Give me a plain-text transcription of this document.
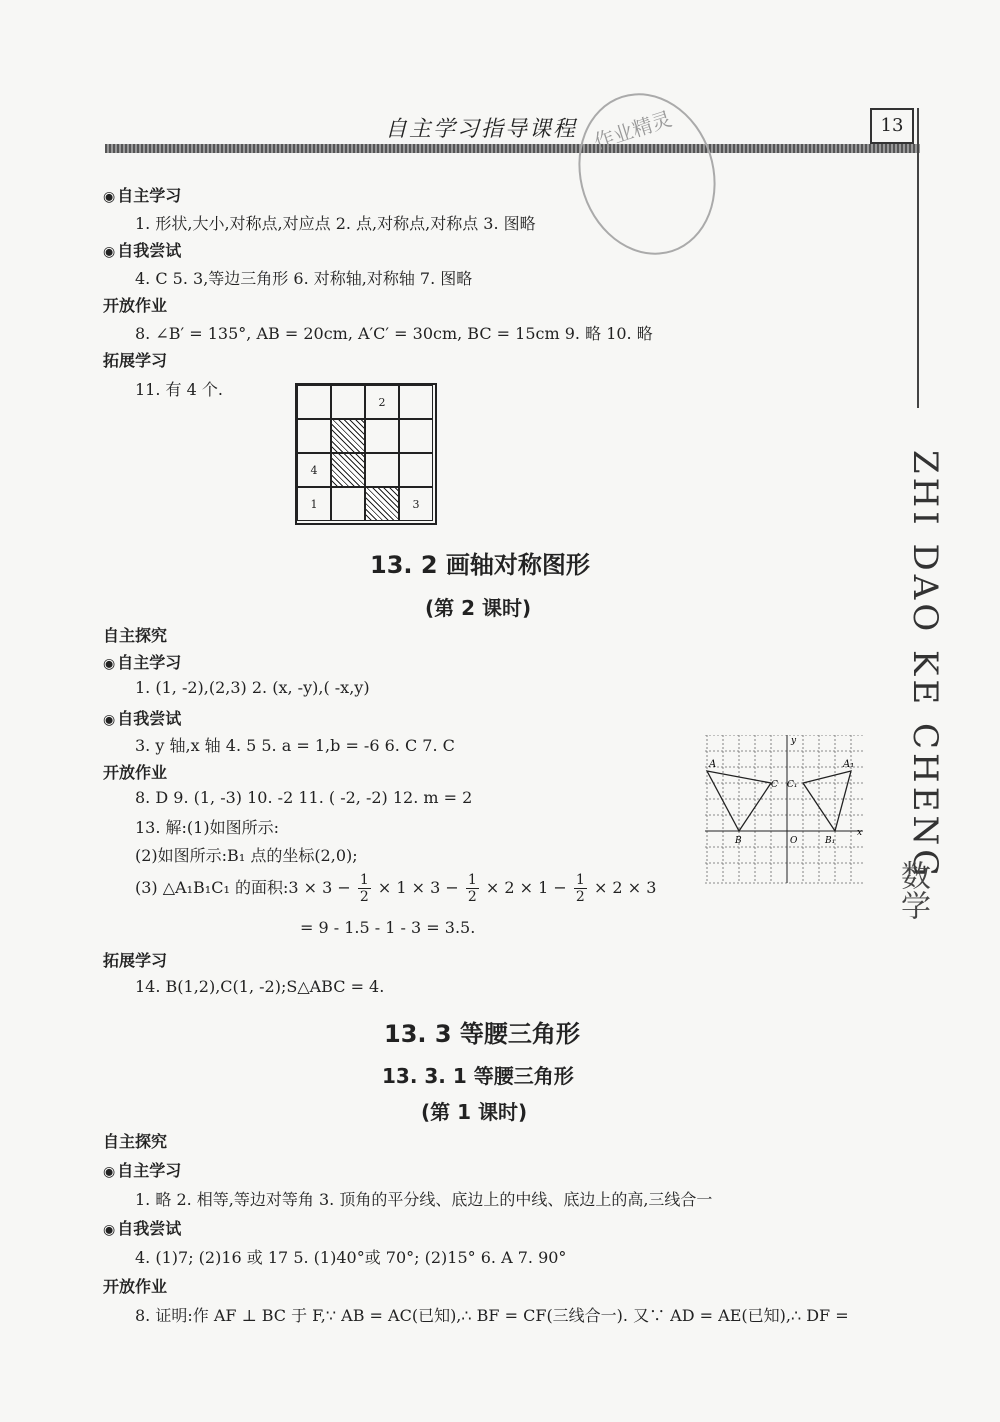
自主学习指导课程	13
作业精灵
ZHI DAO KE CHENG
数学
◉ 自主学习
1. 形状,大小,对称点,对应点 2. 点,对称点,对称点 3. 图略
◉ 自我尝试
4. C 5. 3,等边三角形 6. 对称轴,对称轴 7. 图略
开放作业
8. ∠B′ = 135°, AB = 20cm, A′C′ = 30cm, BC = 15cm 9. 略 10. 略
拓展学习
11. 有 4 个.
2
4
1	3
13. 2 画轴对称图形
(第 2 课时)
自主探究
◉ 自主学习
1. (1, -2),(2,3) 2. (x, -y),( -x,y)
◉ 自我尝试
3. y 轴,x 轴 4. 5 5. a = 1,b = -6 6. C 7. C
开放作业
8. D 9. (1, -3) 10. -2 11. ( -2, -2) 12. m = 2
13. 解:(1)如图所示:
(2)如图所示:B₁ 点的坐标(2,0);
(3) △A₁B₁C₁ 的面积:3 × $3 - \frac{1}{2} \times 1 \times 3 - \frac{1}{2} \times 2 \times 1 - \frac{1}{2} \times 2 \times 3$
= 9 - 1.5 - 1 - 3 = 3.5.
拓展学习
14. B(1,2),C(1, -2);S△ABC = 4.
A	A₁
C C₁
B	B₁
O
x
y
13. 3 等腰三角形
13. 3. 1 等腰三角形
(第 1 课时)
自主探究
◉ 自主学习
1. 略 2. 相等,等边对等角 3. 顶角的平分线、底边上的中线、底边上的高,三线合一
◉ 自我尝试
4. (1)7; (2)16 或 17 5. (1)40°或 70°; (2)15° 6. A 7. 90°
开放作业
8. 证明:作 AF ⊥ BC 于 F,∵ AB = AC(已知),∴ BF = CF(三线合一). 又∵ AD = AE(已知),∴ DF =
